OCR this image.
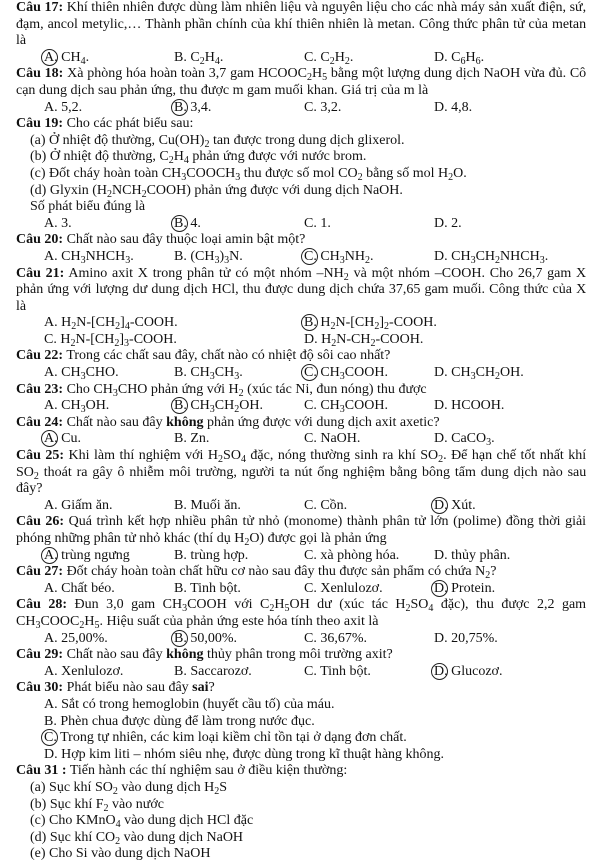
Câu 17: Khí thiên nhiên được dùng làm nhiên liệu và nguyên liệu cho các nhà máy sản xuất điện, sứ, đạm, ancol metylic,… Thành phần chính của khí thiên nhiên là metan. Công thức phân tử của metan là
A. $CH_4$.	B. $C_2H_4$.	C. $C_2H_2$.	D. $C_6H_6$.
Câu 18: Xà phòng hóa hoàn toàn 3,7 gam $HCOOC_2H_5$ bằng một lượng dung dịch NaOH vừa đủ. Cô cạn dung dịch sau phản ứng, thu được m gam muối khan. Giá trị của m là
A. 5,2.	B. 3,4.	C. 3,2.	D. 4,8.
Câu 19: Cho các phát biểu sau:
(a) Ở nhiệt độ thường, $Cu(OH)_2$ tan được trong dung dịch glixerol.
(b) Ở nhiệt độ thường, $C_2H_4$ phản ứng được với nước brom.
(c) Đốt cháy hoàn toàn $CH_3COOCH_3$ thu được số mol $CO_2$ bằng số mol $H_2O$.
(d) Glyxin $(H_2NCH_2COOH)$ phản ứng được với dung dịch NaOH.
Số phát biểu đúng là
A. 3.	B. 4.	C. 1.	D. 2.
Câu 20: Chất nào sau đây thuộc loại amin bật một?
A. $CH_3NHCH_3$.	B. $(CH_3)_3N$.	C. $CH_3NH_2$.	D. $CH_3CH_2NHCH_3$.
Câu 21: Amino axit X trong phân tử có một nhóm $-NH_2$ và một nhóm –COOH. Cho 26,7 gam X phản ứng với lượng dư dung dịch HCl, thu được dung dịch chứa 37,65 gam muối. Công thức của X là
A. $H_2N-[CH_2]_4$-COOH.	B. $H_2N-[CH_2]_2$-COOH.
C. $H_2N-[CH_2]_3$-COOH.	D. $H_2N-CH_2$-COOH.
Câu 22: Trong các chất sau đây, chất nào có nhiệt độ sôi cao nhất?
A. $CH_3CHO$.	B. $CH_3CH_3$.	C. $CH_3COOH$.	D. $CH_3CH_2OH$.
Câu 23: Cho $CH_3CHO$ phản ứng với $H_2$ (xúc tác Ni, đun nóng) thu được
A. $CH_3OH$.	B. $CH_3CH_2OH$.	C. $CH_3COOH$.	D. HCOOH.
Câu 24: Chất nào sau đây không phản ứng được với dung dịch axit axetic?
A. Cu.	B. Zn.	C. NaOH.	D. CaCO$_3$.
Câu 25: Khi làm thí nghiệm với $H_2SO_4$ đặc, nóng thường sinh ra khí $SO_2$. Để hạn chế tốt nhất khí $SO_2$ thoát ra gây ô nhiễm môi trường, người ta nút ống nghiệm bằng bông tẩm dung dịch nào sau đây?
A. Giấm ăn.	B. Muối ăn.	C. Cồn.	D. Xút.
Câu 26: Quá trình kết hợp nhiều phân tử nhỏ (monome) thành phân tử lớn (polime) đồng thời giải phóng những phân tử nhỏ khác (thí dụ $H_2O$) được gọi là phản ứng
A. trùng ngưng	B. trùng hợp.	C. xà phòng hóa.	D. thủy phân.
Câu 27: Đốt cháy hoàn toàn chất hữu cơ nào sau đây thu được sản phẩm có chứa $N_2$?
A. Chất béo.	B. Tinh bột.	C. Xenlulozơ.	D. Protein.
Câu 28: Đun 3,0 gam $CH_3COOH$ với $C_2H_5OH$ dư (xúc tác $H_2SO_4$ đặc), thu được 2,2 gam $CH_3COOC_2H_5$. Hiệu suất của phản ứng este hóa tính theo axit là
A. 25,00%.	B. 50,00%.	C. 36,67%.	D. 20,75%.
Câu 29: Chất nào sau đây không thủy phân trong môi trường axit?
A. Xenlulozơ.	B. Saccarozơ.	C. Tinh bột.	D. Glucozơ.
Câu 30: Phát biểu nào sau đây sai?
A. Sắt có trong hemoglobin (huyết cầu tố) của máu.
B. Phèn chua được dùng để làm trong nước đục.
C. Trong tự nhiên, các kim loại kiềm chỉ tồn tại ở dạng đơn chất.
D. Hợp kim liti – nhóm siêu nhẹ, được dùng trong kĩ thuật hàng không.
Câu 31 : Tiến hành các thí nghiệm sau ở điều kiện thường:
(a) Sục khí $SO_2$ vào dung dịch $H_2S$
(b) Sục khí $F_2$ vào nước
(c) Cho KMnO$_4$ vào dung dịch HCl đặc
(d) Sục khí $CO_2$ vào dung dịch NaOH
(e) Cho Si vào dung dịch NaOH
